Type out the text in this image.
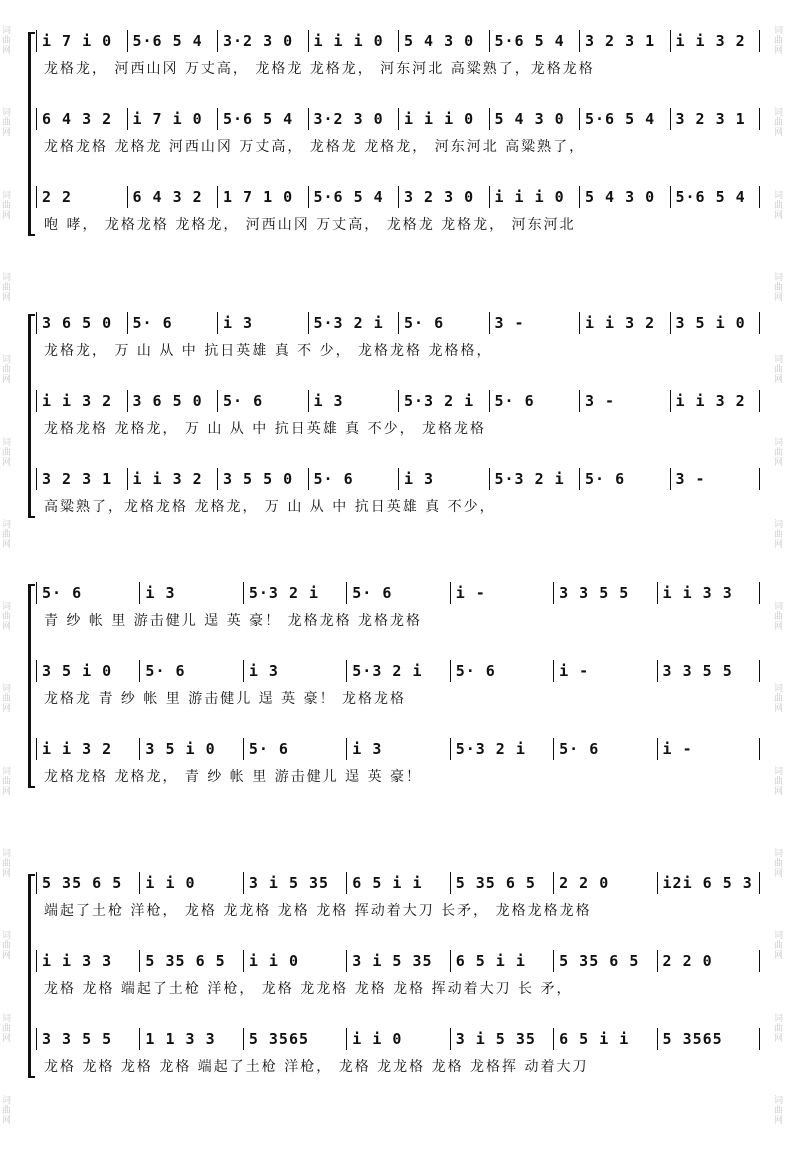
词曲网
词曲网
词曲网
词曲网
词曲网
词曲网
词曲网
词曲网
词曲网
词曲网
词曲网
词曲网
词曲网
词曲网
词曲网
词曲网
词曲网
词曲网
词曲网
词曲网
词曲网
词曲网
词曲网
词曲网
词曲网
词曲网
词曲网
词曲网
i 7 i 0 5·6 5 4 3·2 3 0 i i i 0 5 4 3 0 5·6 5 4 3 2 3 1 i i 3 2
龙格龙， 河西山冈 万丈高， 龙格龙 龙格龙， 河东河北 高粱熟了，龙格龙格
6 4 3 2 i 7 i 0 5·6 5 4 3·2 3 0 i i i 0 5 4 3 0 5·6 5 4 3 2 3 1
龙格龙格 龙格龙 河西山冈 万丈高， 龙格龙 龙格龙， 河东河北 高粱熟了，
2 2	6 4 3 2 1 7 1 0 5·6 5 4 3 2 3 0 i i i 0 5 4 3 0 5·6 5 4
咆 哮， 龙格龙格 龙格龙， 河西山冈 万丈高， 龙格龙 龙格龙， 河东河北
3 6 5 0 5· 6	i 3	5·3 2 i 5· 6	3 -	i i 3 2 3 5 i 0
龙格龙， 万 山 从 中 抗日英雄 真 不 少， 龙格龙格 龙格格，
i i 3 2 3 6 5 0 5· 6	i 3	5·3 2 i 5· 6	3 -	i i 3 2
龙格龙格 龙格龙， 万 山 从 中 抗日英雄 真 不少， 龙格龙格
3 2 3 1 i i 3 2 3 5 5 0 5· 6	i 3	5·3 2 i 5· 6	3 -
高粱熟了，龙格龙格 龙格龙， 万 山 从 中 抗日英雄 真 不少，
5· 6	i 3	5·3 2 i 5· 6	i -	3 3 5 5 i i 3 3
青 纱 帐 里 游击健儿 逞 英 豪！ 龙格龙格 龙格龙格
3 5 i 0 5· 6	i 3	5·3 2 i 5· 6	i -	3 3 5 5
龙格龙 青 纱 帐 里 游击健儿 逞 英 豪！ 龙格龙格
i i 3 2 3 5 i 0 5· 6	i 3	5·3 2 i 5· 6	i -
龙格龙格 龙格龙， 青 纱 帐 里 游击健儿 逞 英 豪！
5 35 6 5 i i 0	3 i 5 35 6 5 i i 5 35 6 5 2 2 0	i2i 6 5 3
端起了土枪 洋枪， 龙格 龙龙格 龙格 龙格 挥动着大刀 长矛， 龙格龙格龙格
i i 3 3 5 35 6 5 i i 0	3 i 5 35 6 5 i i 5 35 6 5 2 2 0
龙格 龙格 端起了土枪 洋枪， 龙格 龙龙格 龙格 龙格 挥动着大刀 长 矛，
3 3 5 5 1 1 3 3 5 3565	i i 0	3 i 5 35 6 5 i i 5 3565
龙格 龙格 龙格 龙格 端起了土枪 洋枪， 龙格 龙龙格 龙格 龙格挥 动着大刀
